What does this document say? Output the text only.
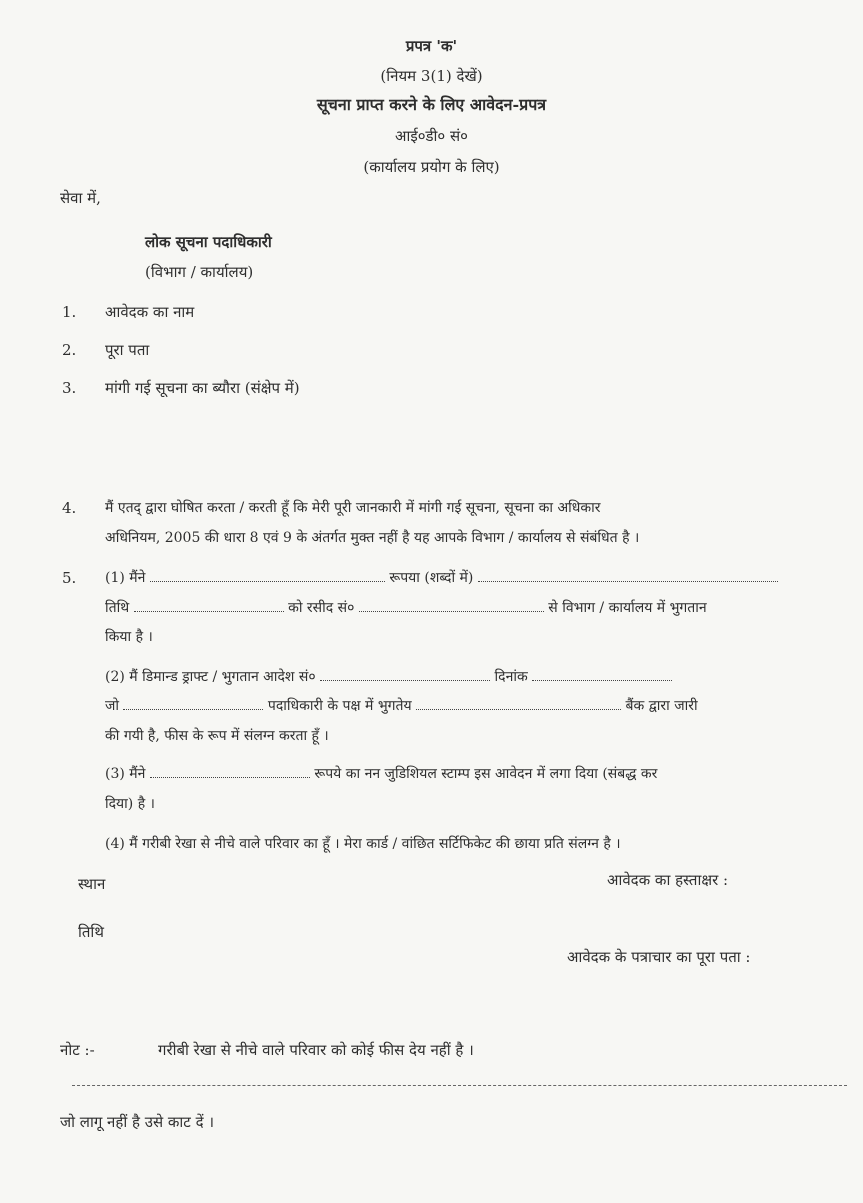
प्रपत्र 'क'
(नियम 3(1) देखें)
सूचना प्राप्त करने के लिए आवेदन-प्रपत्र
आई०डी० सं०
(कार्यालय प्रयोग के लिए)
सेवा में,
लोक सूचना पदाधिकारी
(विभाग / कार्यालय)
1. आवेदक का नाम
2. पूरा पता
3. मांगी गई सूचना का ब्यौरा (संक्षेप में)
4. मैं एतद् द्वारा घोषित करता / करती हूँ कि मेरी पूरी जानकारी में मांगी गई सूचना, सूचना का अधिकार
अधिनियम, 2005 की धारा 8 एवं 9 के अंतर्गत मुक्त नहीं है यह आपके विभाग / कार्यालय से संबंधित है ।
5. (1) मैंने	रूपया (शब्दों में)
तिथि	को रसीद सं०	से विभाग / कार्यालय में भुगतान
किया है ।
(2) मैं डिमान्ड ड्राफ्ट / भुगतान आदेश सं०	दिनांक
जो	पदाधिकारी के पक्ष में भुगतेय	बैंक द्वारा जारी
की गयी है, फीस के रूप में संलग्न करता हूँ ।
(3) मैंने	रूपये का नन जुडिशियल स्टाम्प इस आवेदन में लगा दिया (संबद्ध कर
दिया) है ।
(4) मैं गरीबी रेखा से नीचे वाले परिवार का हूँ । मेरा कार्ड / वांछित सर्टिफिकेट की छाया प्रति संलग्न है ।
स्थान	आवेदक का हस्ताक्षर :
तिथि
आवेदक के पत्राचार का पूरा पता :
नोट :-	गरीबी रेखा से नीचे वाले परिवार को कोई फीस देय नहीं है ।
जो लागू नहीं है उसे काट दें ।
